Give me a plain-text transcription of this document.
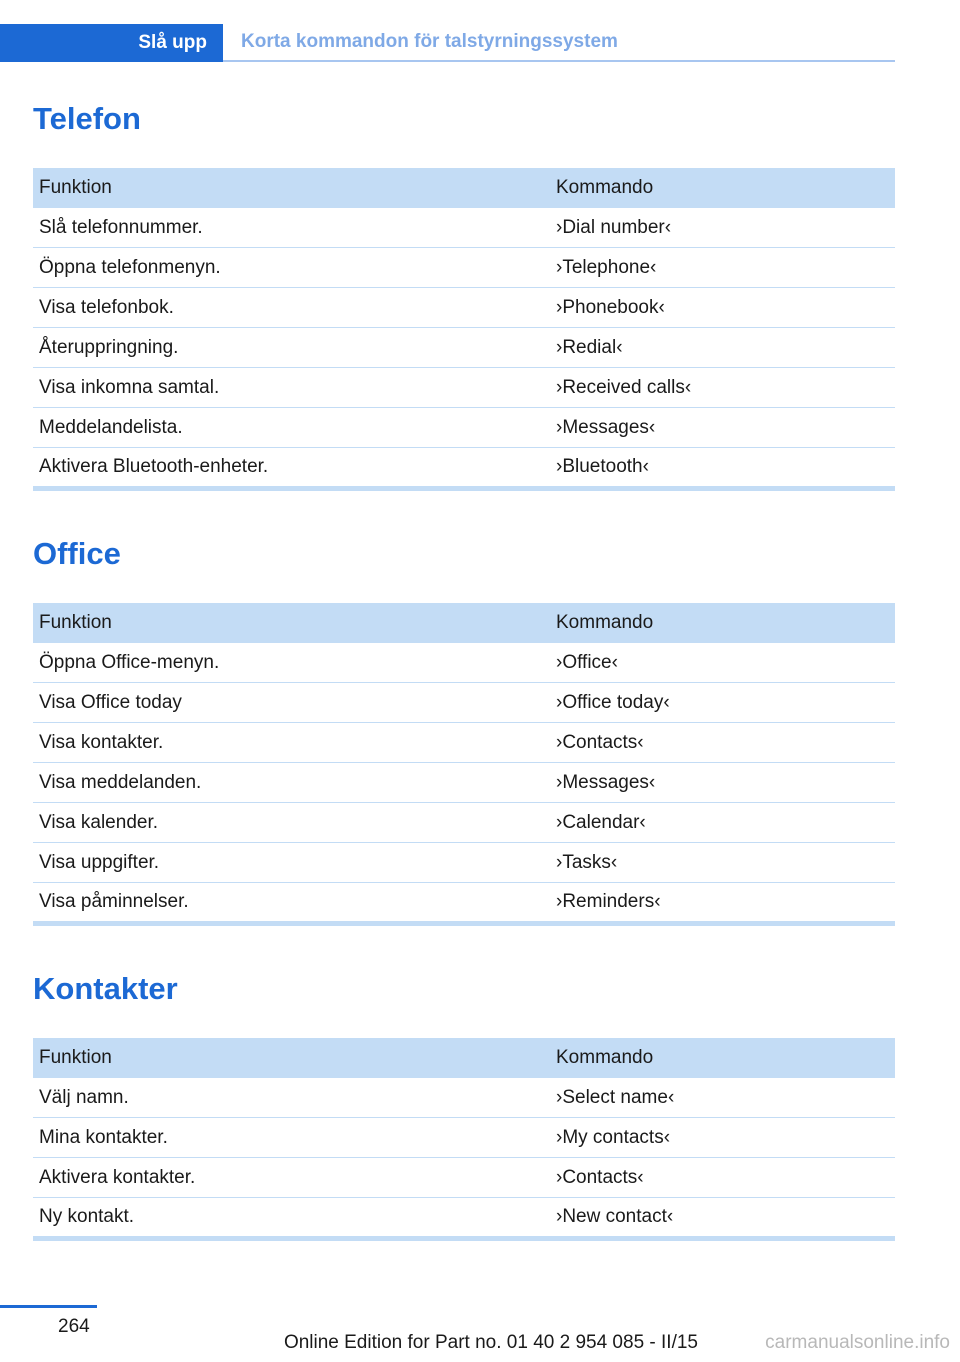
Slå upp	Korta kommandon för talstyrningssystem
Telefon
Funktion	Kommando
Slå telefonnummer.	›Dial number‹
Öppna telefonmenyn.	›Telephone‹
Visa telefonbok.	›Phonebook‹
Återuppringning.	›Redial‹
Visa inkomna samtal.	›Received calls‹
Meddelandelista.	›Messages‹
Aktivera Bluetooth-enheter.	›Bluetooth‹
Office
Funktion	Kommando
Öppna Office-menyn.	›Office‹
Visa Office today	›Office today‹
Visa kontakter.	›Contacts‹
Visa meddelanden.	›Messages‹
Visa kalender.	›Calendar‹
Visa uppgifter.	›Tasks‹
Visa påminnelser.	›Reminders‹
Kontakter
Funktion	Kommando
Välj namn.	›Select name‹
Mina kontakter.	›My contacts‹
Aktivera kontakter.	›Contacts‹
Ny kontakt.	›New contact‹
264
Online Edition for Part no. 01 40 2 954 085 - II/15	carmanualsonline.info
